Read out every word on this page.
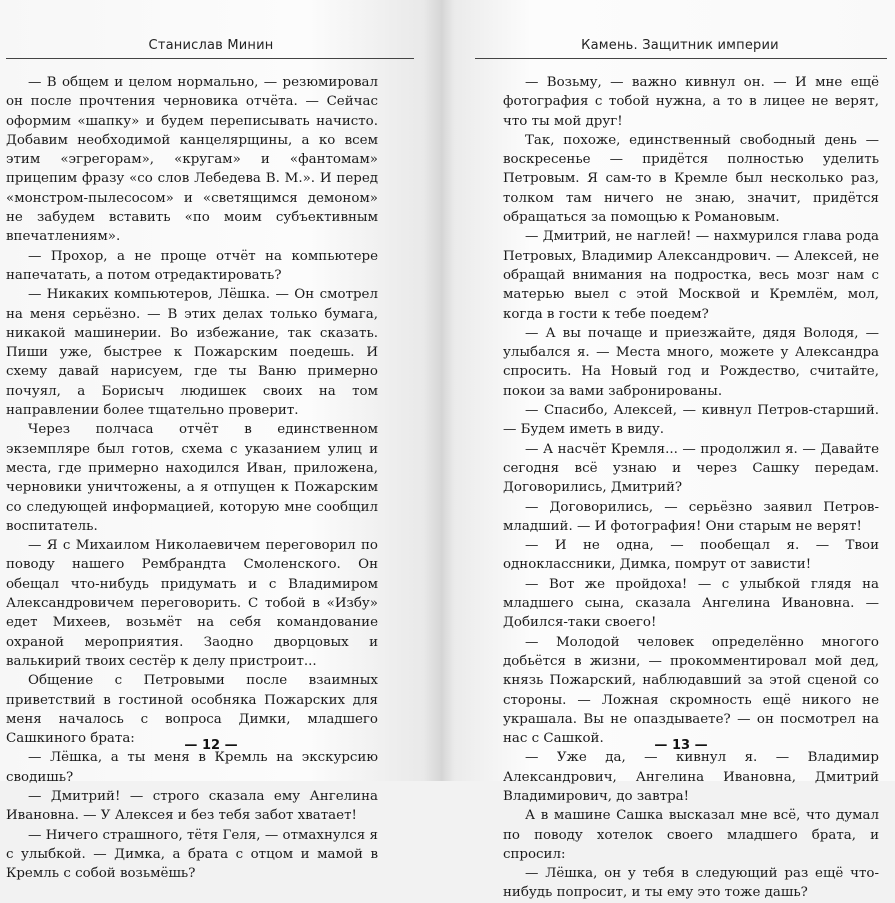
Станислав Минин

— В общем и целом нормально, — резюмировал он после прочтения черновика отчёта. — Сейчас оформим «шапку» и будем переписывать начисто. Добавим необходимой канцелярщины, а ко всем этим «эгрегорам», «кругам» и «фантомам» прицепим фразу «со слов Лебедева В. М.». И перед «монстром-пылесосом» и «светящимся демоном» не забудем вставить «по моим субъективным впечатлениям».

— Прохор, а не проще отчёт на компьютере напечатать, а потом отредактировать?

— Никаких компьютеров, Лёшка. — Он смотрел на меня серьёзно. — В этих делах только бумага, никакой машинерии. Во избежание, так сказать. Пиши уже, быстрее к Пожарским поедешь. И схему давай нарисуем, где ты Ваню примерно почуял, а Борисыч людишек своих на том направлении более тщательно проверит.

Через полчаса отчёт в единственном экземпляре был готов, схема с указанием улиц и места, где примерно находился Иван, приложена, черновики уничтожены, а я отпущен к Пожарским со следующей информацией, которую мне сообщил воспитатель.

— Я с Михаилом Николаевичем переговорил по поводу нашего Рембрандта Смоленского. Он обещал что-нибудь придумать и с Владимиром Александровичем переговорить. С тобой в «Избу» едет Михеев, возьмёт на себя командование охраной мероприятия. Заодно дворцовых и валькирий твоих сестёр к делу пристроит...

Общение с Петровыми после взаимных приветствий в гостиной особняка Пожарских для меня началось с вопроса Димки, младшего Сашкиного брата:

— Лёшка, а ты меня в Кремль на экскурсию сводишь?

— Дмитрий! — строго сказала ему Ангелина Ивановна. — У Алексея и без тебя забот хватает!

— Ничего страшного, тётя Геля, — отмахнулся я с улыбкой. — Димка, а брата с отцом и мамой в Кремль с собой возьмёшь?

— 12 —
Камень. Защитник империи

— Возьму, — важно кивнул он. — И мне ещё фотография с тобой нужна, а то в лицее не верят, что ты мой друг!

Так, похоже, единственный свободный день — воскресенье — придётся полностью уделить Петровым. Я сам-то в Кремле был несколько раз, толком там ничего не знаю, значит, придётся обращаться за помощью к Романовым.

— Дмитрий, не наглей! — нахмурился глава рода Петровых, Владимир Александрович. — Алексей, не обращай внимания на подростка, весь мозг нам с матерью выел с этой Москвой и Кремлём, мол, когда в гости к тебе поедем?

— А вы почаще и приезжайте, дядя Володя, — улыбался я. — Места много, можете у Александра спросить. На Новый год и Рождество, считайте, покои за вами забронированы.

— Спасибо, Алексей, — кивнул Петров-старший. — Будем иметь в виду.

— А насчёт Кремля... — продолжил я. — Давайте сегодня всё узнаю и через Сашку передам. Договорились, Дмитрий?

— Договорились, — серьёзно заявил Петров-младший. — И фотография! Они старым не верят!

— И не одна, — пообещал я. — Твои одноклассники, Димка, помрут от зависти!

— Вот же пройдоха! — с улыбкой глядя на младшего сына, сказала Ангелина Ивановна. — Добился-таки своего!

— Молодой человек определённо многого добьётся в жизни, — прокомментировал мой дед, князь Пожарский, наблюдавший за этой сценой со стороны. — Ложная скромность ещё никого не украшала. Вы не опаздываете? — он посмотрел на нас с Сашкой.

— Уже да, — кивнул я. — Владимир Александрович, Ангелина Ивановна, Дмитрий Владимирович, до завтра!

А в машине Сашка высказал мне всё, что думал по поводу хотелок своего младшего брата, и спросил:

— Лёшка, он у тебя в следующий раз ещё что-нибудь попросит, и ты ему это тоже дашь?

— 13 —
